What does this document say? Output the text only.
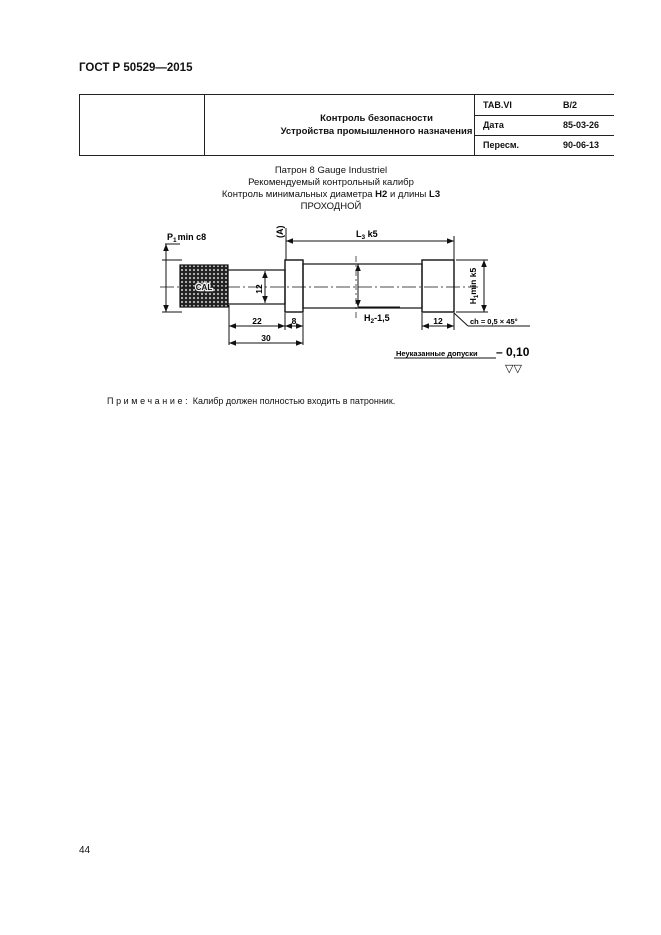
ГОСТ Р 50529—2015
Контроль безопасности
Устройства промышленного назначения
TAB.VI	B/2
Дата	85-03-26
Пересм.	90-06-13
Патрон 8 Gauge Industriel
Рекомендуемый контрольный калибр
Контроль минимальных диаметра H2 и длины L3
ПРОХОДНОЙ
(A)
$P_1\min$ c8	$L_3$ k5
12
$H_1\min$ k5
$H_2-1,5$
CAL
22	8
30
12	ch = 0,5 × 45°
Неуказанные допуски – 0,10
▽▽
Примечание: Калибр должен полностью входить в патронник.
44
